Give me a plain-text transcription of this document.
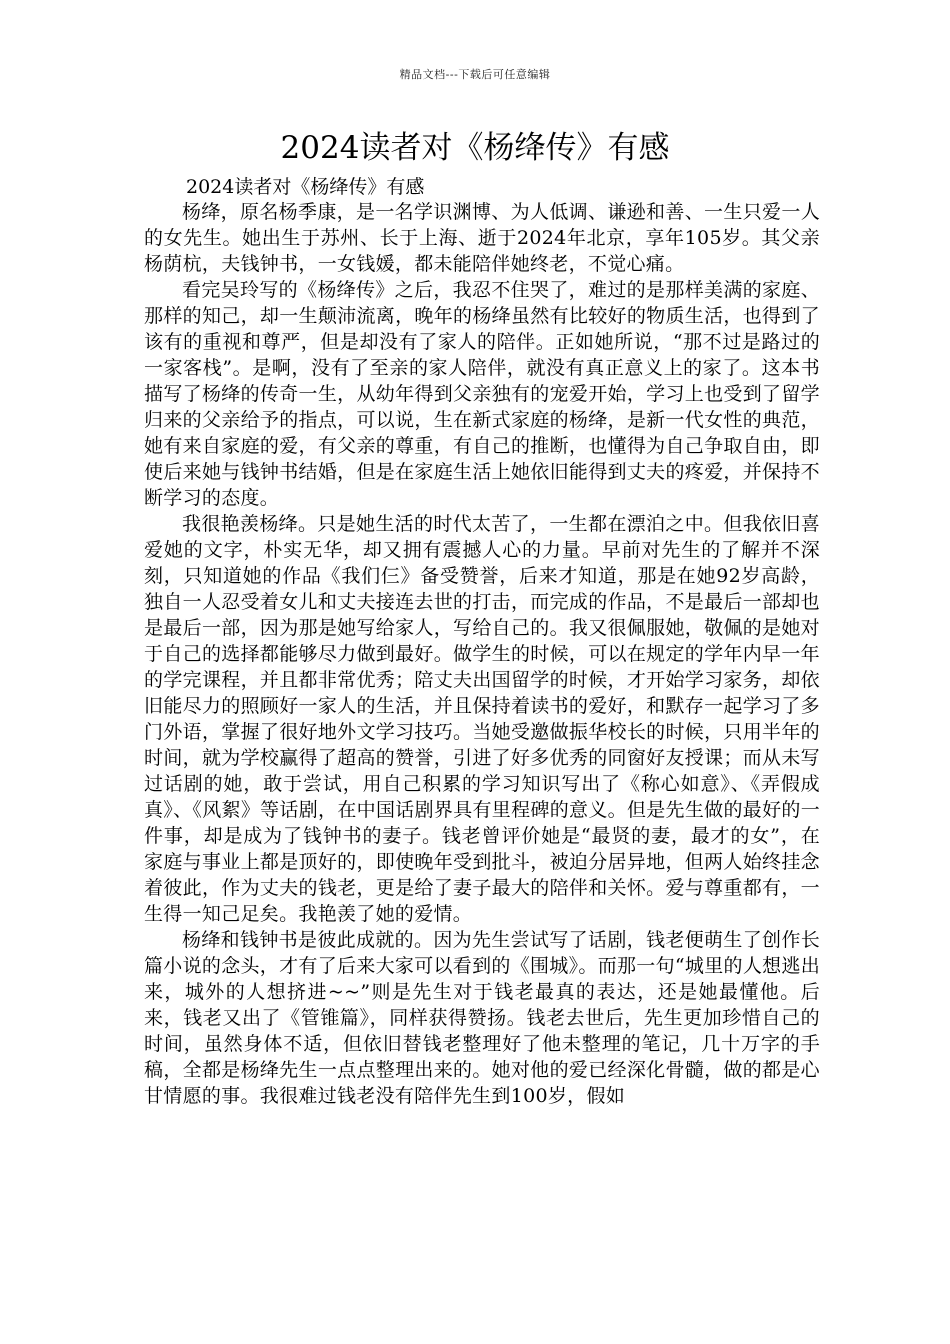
精品文档---下载后可任意编辑
2024读者对《杨绛传》有感
2024读者对《杨绛传》有感

杨绛，原名杨季康，是一名学识渊博、为人低调、谦逊和善、一生只爱一人的女先生。她出生于苏州、长于上海、逝于2024年北京，享年105岁。其父亲杨荫杭，夫钱钟书，一女钱媛，都未能陪伴她终老，不觉心痛。

看完吴玲写的《杨绛传》之后，我忍不住哭了，难过的是那样美满的家庭、那样的知己，却一生颠沛流离，晚年的杨绛虽然有比较好的物质生活，也得到了该有的重视和尊严，但是却没有了家人的陪伴。正如她所说，“那不过是路过的一家客栈”。是啊，没有了至亲的家人陪伴，就没有真正意义上的家了。这本书描写了杨绛的传奇一生，从幼年得到父亲独有的宠爱开始，学习上也受到了留学归来的父亲给予的指点，可以说，生在新式家庭的杨绛，是新一代女性的典范，她有来自家庭的爱，有父亲的尊重，有自己的推断，也懂得为自己争取自由，即使后来她与钱钟书结婚，但是在家庭生活上她依旧能得到丈夫的疼爱，并保持不断学习的态度。

我很艳羡杨绛。只是她生活的时代太苦了，一生都在漂泊之中。但我依旧喜爱她的文字，朴实无华，却又拥有震撼人心的力量。早前对先生的了解并不深刻，只知道她的作品《我们仨》备受赞誉，后来才知道，那是在她92岁高龄，独自一人忍受着女儿和丈夫接连去世的打击，而完成的作品，不是最后一部却也是最后一部，因为那是她写给家人，写给自己的。我又很佩服她，敬佩的是她对于自己的选择都能够尽力做到最好。做学生的时候，可以在规定的学年内早一年的学完课程，并且都非常优秀；陪丈夫出国留学的时候，才开始学习家务，却依旧能尽力的照顾好一家人的生活，并且保持着读书的爱好，和默存一起学习了多门外语，掌握了很好地外文学习技巧。当她受邀做振华校长的时候，只用半年的时间，就为学校赢得了超高的赞誉，引进了好多优秀的同窗好友授课；而从未写过话剧的她，敢于尝试，用自己积累的学习知识写出了《称心如意》、《弄假成真》、《风絮》等话剧，在中国话剧界具有里程碑的意义。但是先生做的最好的一件事，却是成为了钱钟书的妻子。钱老曾评价她是“最贤的妻，最才的女”，在家庭与事业上都是顶好的，即使晚年受到批斗，被迫分居异地，但两人始终挂念着彼此，作为丈夫的钱老，更是给了妻子最大的陪伴和关怀。爱与尊重都有，一生得一知己足矣。我艳羡了她的爱情。

杨绛和钱钟书是彼此成就的。因为先生尝试写了话剧，钱老便萌生了创作长篇小说的念头，才有了后来大家可以看到的《围城》。而那一句“城里的人想逃出来，城外的人想挤进~~”则是先生对于钱老最真的表达，还是她最懂他。后来，钱老又出了《管锥篇》，同样获得赞扬。钱老去世后，先生更加珍惜自己的时间，虽然身体不适，但依旧替钱老整理好了他未整理的笔记，几十万字的手稿，全都是杨绛先生一点点整理出来的。她对他的爱已经深化骨髓，做的都是心甘情愿的事。我很难过钱老没有陪伴先生到100岁，假如
